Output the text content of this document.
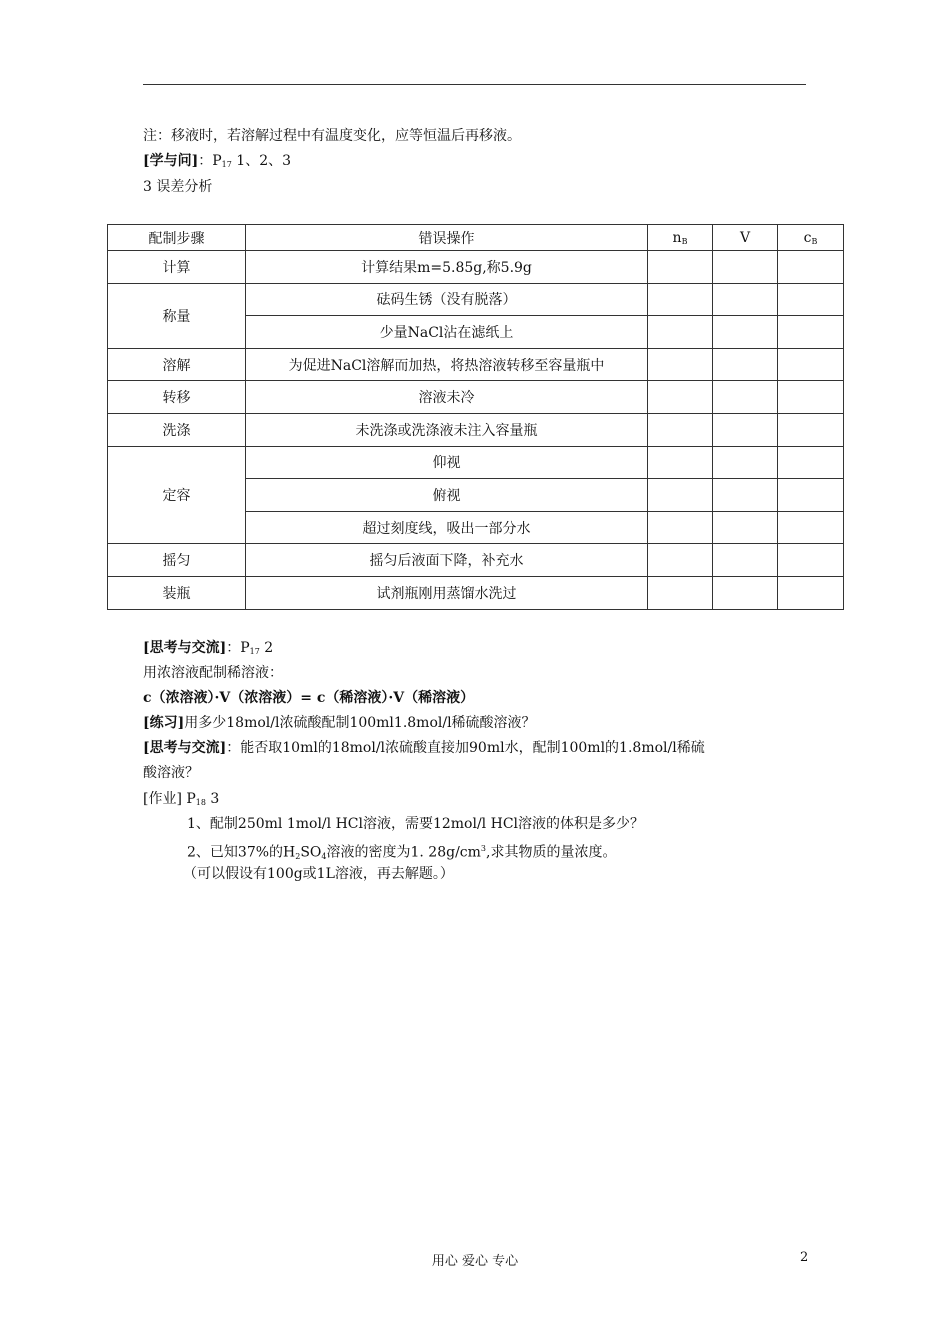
注：移液时，若溶解过程中有温度变化，应等恒温后再移液。
[学与问]：$P_{17}$ 1、2、3
3 误差分析
配制步骤	错误操作	$n_B$	V	$c_B$
计算	计算结果m=5.85g,称5.9g			
称量	砝码生锈（没有脱落）			
	少量NaCl沾在滤纸上			
溶解	为促进NaCl溶解而加热，将热溶液转移至容量瓶中			
转移	溶液未冷			
洗涤	未洗涤或洗涤液未注入容量瓶			
定容	仰视			
	俯视			
	超过刻度线，吸出一部分水			
摇匀	摇匀后液面下降，补充水			
装瓶	试剂瓶刚用蒸馏水洗过			
[思考与交流]：$P_{17}$ 2
用浓溶液配制稀溶液：
c（浓溶液）·V（浓溶液）= c（稀溶液）·V（稀溶液）
[练习]用多少18mol/l浓硫酸配制100ml1.8mol/l稀硫酸溶液？
[思考与交流]：能否取10ml的18mol/l浓硫酸直接加90ml水，配制100ml的1.8mol/l稀硫
酸溶液？
[作业] $P_{18}$ 3
1、配制250ml 1mol/l HCl溶液，需要12mol/l HCl溶液的体积是多少？
2、已知37%的$H_2SO_4$溶液的密度为1. $28g/cm^3$,求其物质的量浓度。
（可以假设有100g或1L溶液，再去解题。）
用心 爱心 专心	2
